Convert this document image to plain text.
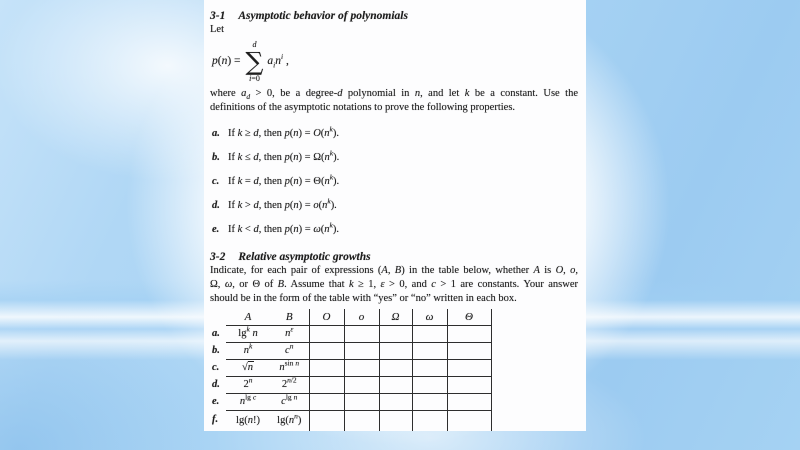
3-1 Asymptotic behavior of polynomials
Let
p(n) =
d
∑
i=0
$a_in^i$ ,
where $a_d > 0$, be a degree-d polynomial in n, and let k be a constant. Use the
definitions of the asymptotic notations to prove the following properties.
a. If k ≥ d, then $p(n) = O(n^k)$.
b. If k ≤ d, then $p(n) = \Omega(n^k)$.
c. If k = d, then $p(n) = \Theta(n^k)$.
d. If k > d, then $p(n) = o(n^k)$.
e. If k < d, then $p(n) = \omega(n^k)$.
3-2 Relative asymptotic growths
Indicate, for each pair of expressions (A, B) in the table below, whether A is O, o,
Ω, ω, or Θ of B. Assume that k ≥ 1, ε > 0, and c > 1 are constants. Your answer
should be in the form of the table with “yes” or “no” written in each box.
	A	B	O	o	Ω	ω	Θ
a.	$\lg^k n$	$n^\varepsilon$					
b.	$n^k$	$c^n$					
c.	√n	$n^{sin}$ $^n$					
d.	2$^n$	$2^{n/2}$					
e.	$n^{lg}$ $^c$	$c^{lg}$ $^n$					
f.	lg(n!)	$\lg(n^n)$					
